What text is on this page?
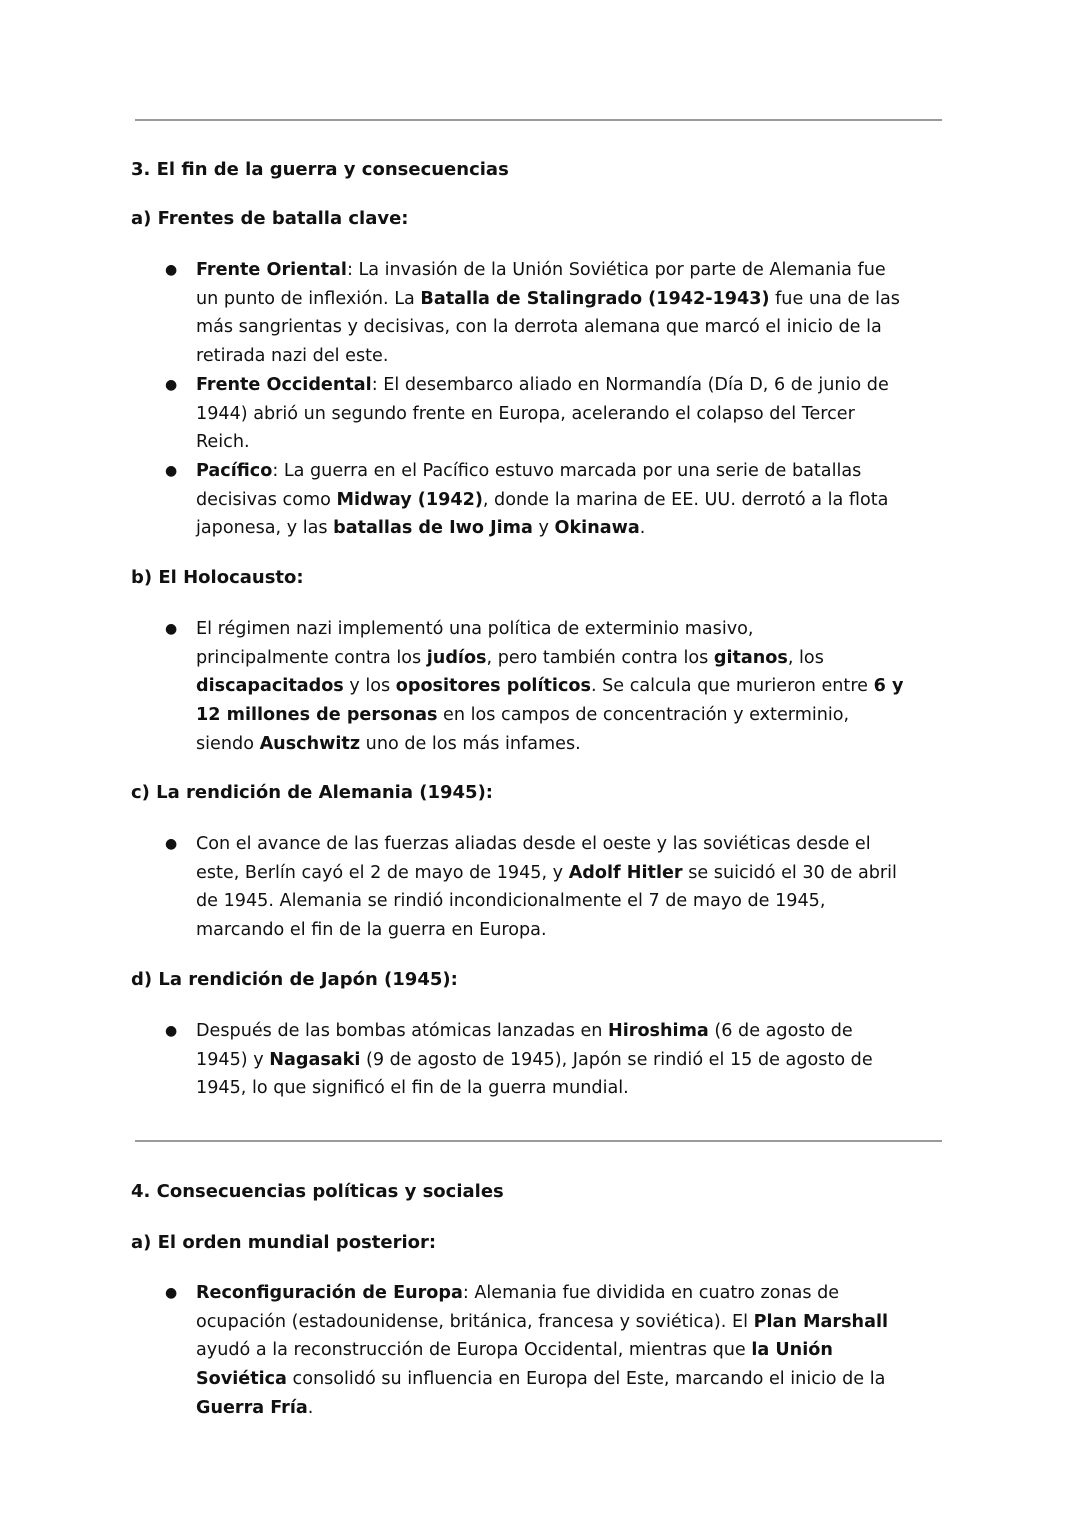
3. El fin de la guerra y consecuencias
a) Frentes de batalla clave:
● Frente Oriental: La invasión de la Unión Soviética por parte de Alemania fue
un punto de inflexión. La Batalla de Stalingrado (1942-1943) fue una de las
más sangrientas y decisivas, con la derrota alemana que marcó el inicio de la
retirada nazi del este.
● Frente Occidental: El desembarco aliado en Normandía (Día D, 6 de junio de
1944) abrió un segundo frente en Europa, acelerando el colapso del Tercer
Reich.
● Pacífico: La guerra en el Pacífico estuvo marcada por una serie de batallas
decisivas como Midway (1942), donde la marina de EE. UU. derrotó a la flota
japonesa, y las batallas de Iwo Jima y Okinawa.
b) El Holocausto:
● El régimen nazi implementó una política de exterminio masivo,
principalmente contra los judíos, pero también contra los gitanos, los
discapacitados y los opositores políticos. Se calcula que murieron entre 6 y
12 millones de personas en los campos de concentración y exterminio,
siendo Auschwitz uno de los más infames.
c) La rendición de Alemania (1945):
● Con el avance de las fuerzas aliadas desde el oeste y las soviéticas desde el
este, Berlín cayó el 2 de mayo de 1945, y Adolf Hitler se suicidó el 30 de abril
de 1945. Alemania se rindió incondicionalmente el 7 de mayo de 1945,
marcando el fin de la guerra en Europa.
d) La rendición de Japón (1945):
● Después de las bombas atómicas lanzadas en Hiroshima (6 de agosto de
1945) y Nagasaki (9 de agosto de 1945), Japón se rindió el 15 de agosto de
1945, lo que significó el fin de la guerra mundial.
4. Consecuencias políticas y sociales
a) El orden mundial posterior:
● Reconfiguración de Europa: Alemania fue dividida en cuatro zonas de
ocupación (estadounidense, británica, francesa y soviética). El Plan Marshall
ayudó a la reconstrucción de Europa Occidental, mientras que la Unión
Soviética consolidó su influencia en Europa del Este, marcando el inicio de la
Guerra Fría.
